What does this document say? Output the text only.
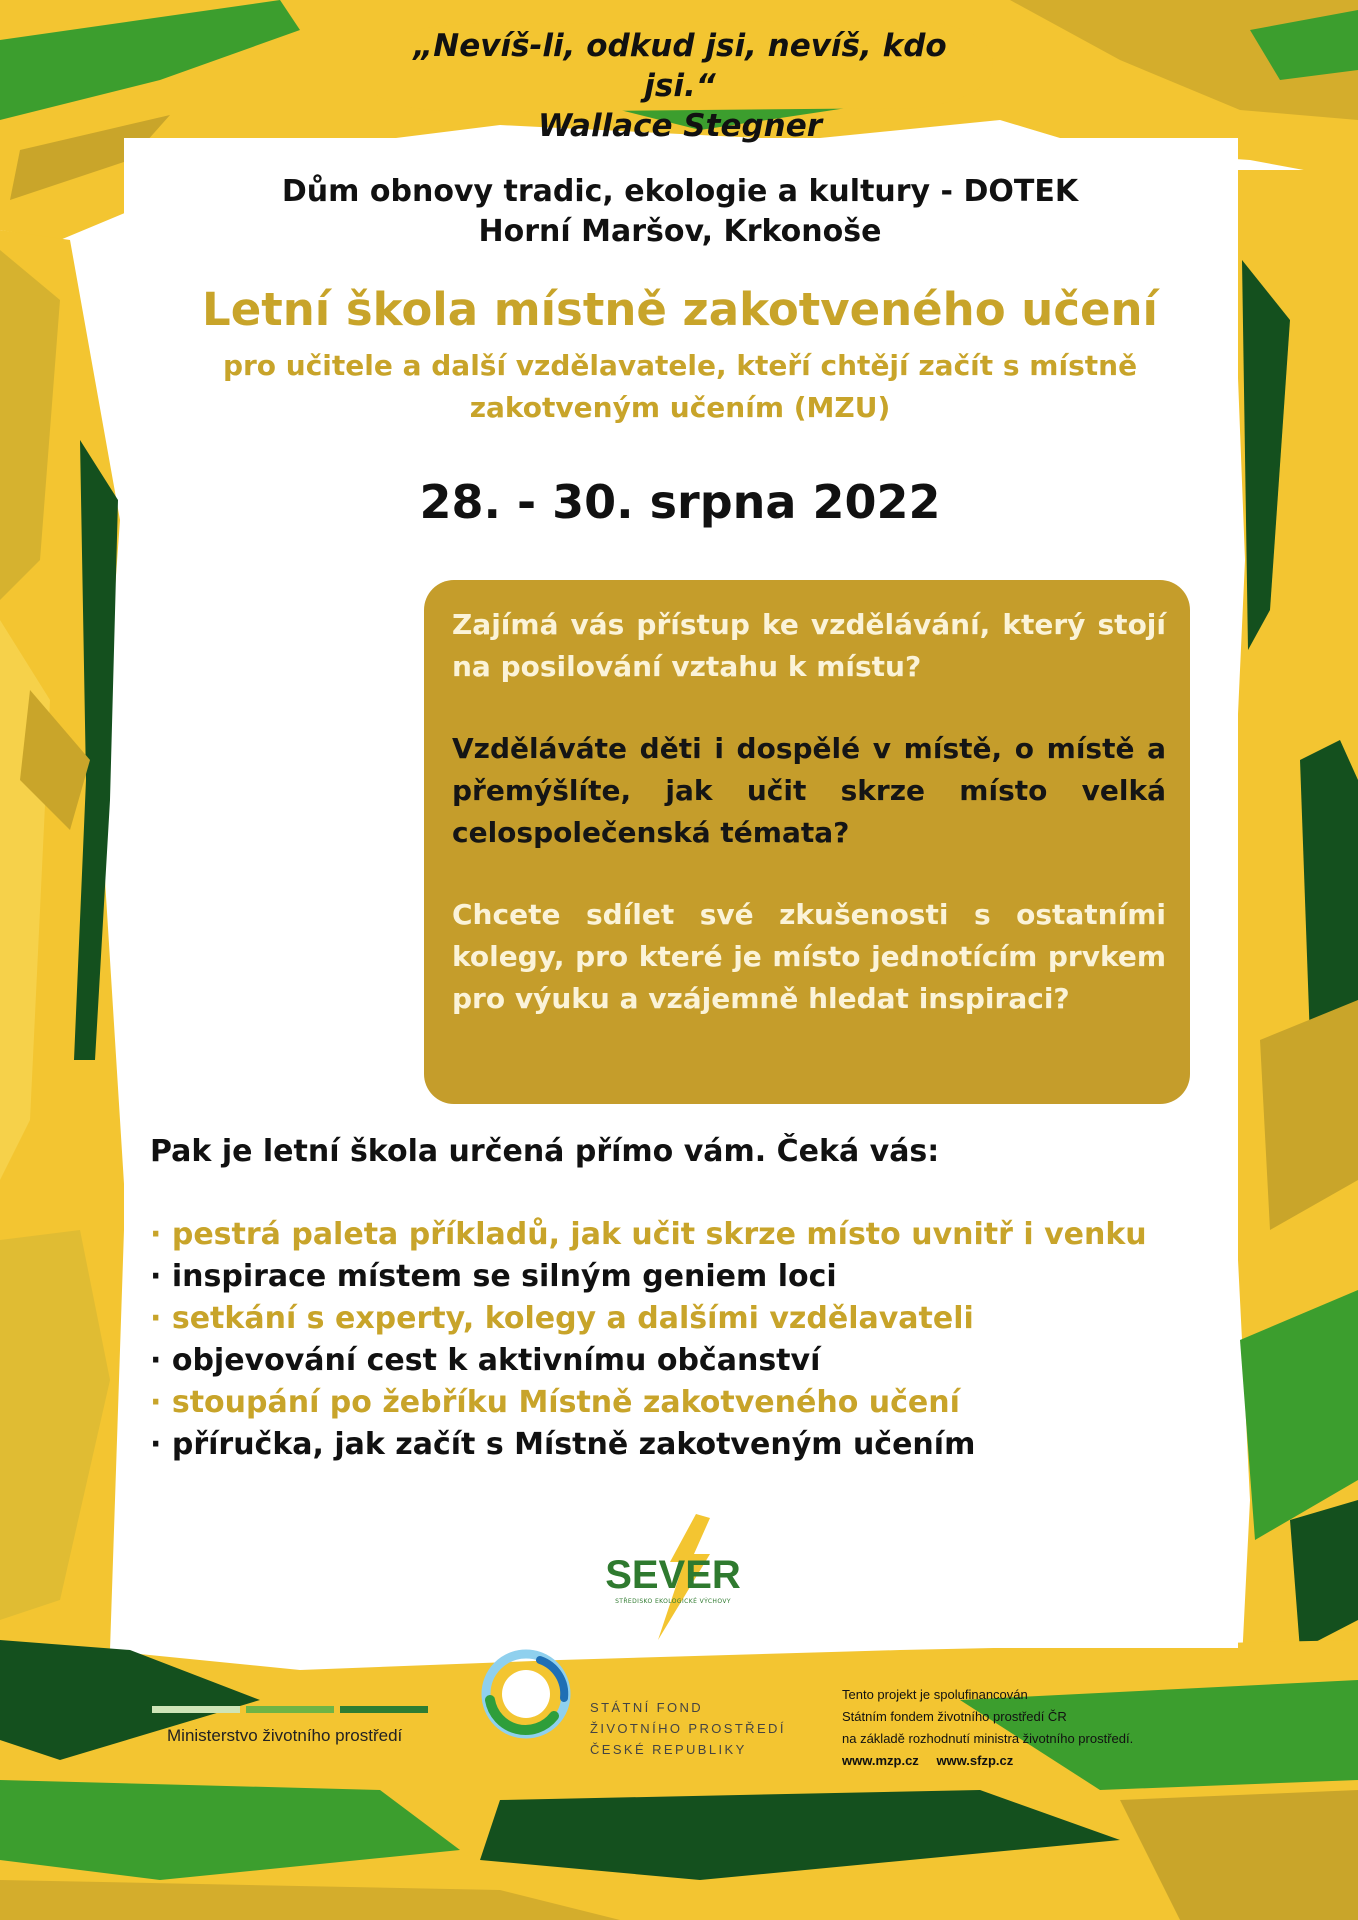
„Nevíš-li, odkud jsi, nevíš, kdo jsi.“
Wallace Stegner
Dům obnovy tradic, ekologie a kultury - DOTEK
Horní Maršov, Krkonoše
Letní škola místně zakotveného učení
pro učitele a další vzdělavatele, kteří chtějí začít s místně
zakotveným učením (MZU)
28. - 30. srpna 2022

Zajímá vás přístup ke vzdělávání, který stojí na posilování vztahu k místu?

Vzděláváte děti i dospělé v místě, o místě a přemýšlíte, jak učit skrze místo velká celospolečenská témata?

Chcete sdílet své zkušenosti s ostatními kolegy, pro které je místo jednotícím prvkem pro výuku a vzájemně hledat inspiraci?

Pak je letní škola určená přímo vám. Čeká vás:
· pestrá paleta příkladů, jak učit skrze místo uvnitř i venku
· inspirace místem se silným geniem loci
· setkání s experty, kolegy a dalšími vzdělavateli
· objevování cest k aktivnímu občanství
· stoupání po žebříku Místně zakotveného učení
· příručka, jak začít s Místně zakotveným učením
SEVER
STŘEDISKO EKOLOGICKÉ VÝCHOVY
Ministerstvo životního prostředí
STÁTNÍ FOND
ŽIVOTNÍHO PROSTŘEDÍ
ČESKÉ REPUBLIKY
Tento projekt je spolufinancován
Státním fondem životního prostředí ČR
na základě rozhodnutí ministra životního prostředí.
www.mzp.cz www.sfzp.cz
